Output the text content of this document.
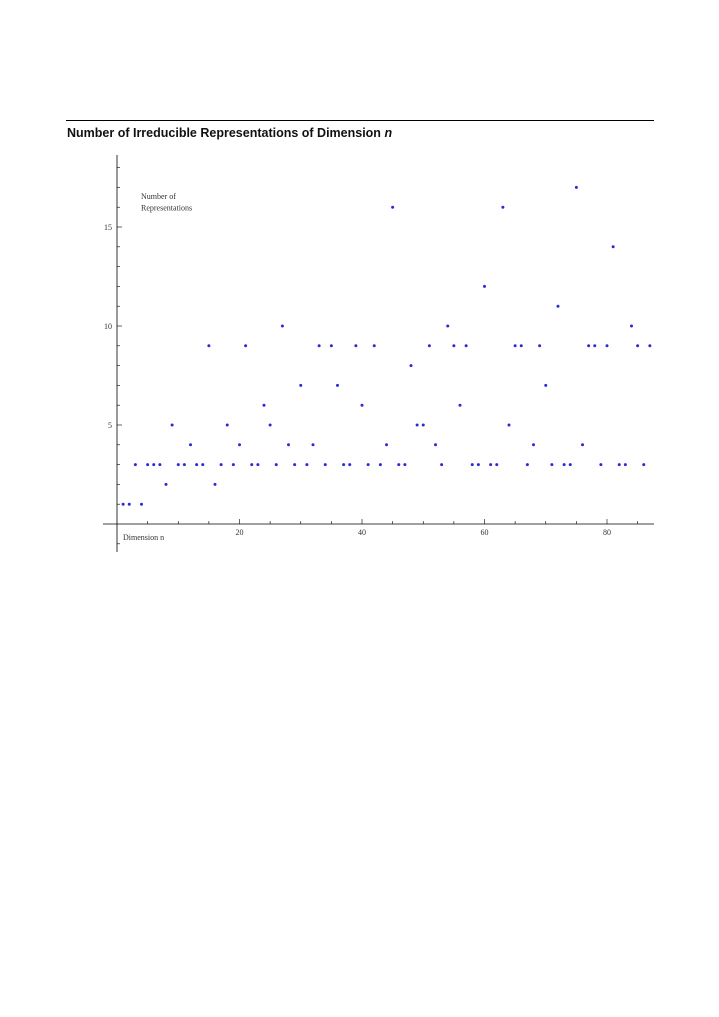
Number of Irreducible Representations of Dimension n
20	40	60	80
5
10
15
Number of
Representations
Dimension n
